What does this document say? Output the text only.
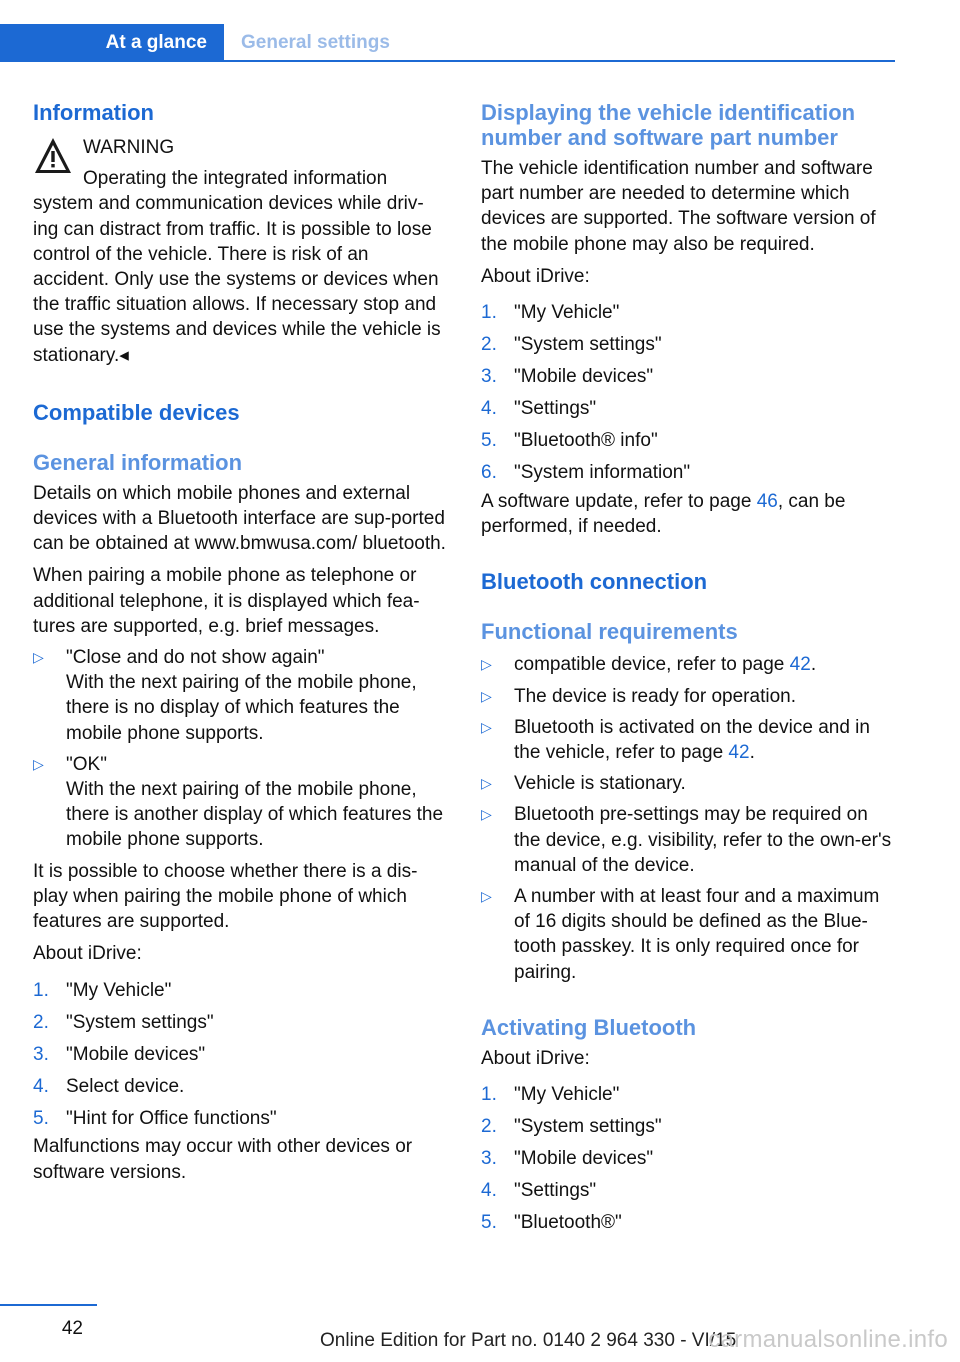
At a glance	General settings
Information

WARNING

Operating the integrated information system and communication devices while driv-ing can distract from traffic. It is possible to lose control of the vehicle. There is risk of an accident. Only use the systems or devices when the traffic situation allows. If necessary stop and use the systems and devices while the vehicle is stationary.◂

Compatible devices
General information

Details on which mobile phones and external devices with a Bluetooth interface are sup-ported can be obtained at www.bmwusa.com/ bluetooth.

When pairing a mobile phone as telephone or additional telephone, it is displayed which fea-tures are supported, e.g. brief messages.

▷	"Close and do not show again"

With the next pairing of the mobile phone, there is no display of which features the mobile phone supports.

▷	"OK"

With the next pairing of the mobile phone, there is another display of which features the mobile phone supports.

It is possible to choose whether there is a dis-play when pairing the mobile phone of which features are supported.

About iDrive:

1. "My Vehicle"
2. "System settings"
3. "Mobile devices"
4. Select device.
5. "Hint for Office functions"

Malfunctions may occur with other devices or software versions.

Displaying the vehicle identification number and software part number

The vehicle identification number and software part number are needed to determine which devices are supported. The software version of the mobile phone may also be required.

About iDrive:

1. "My Vehicle"
2. "System settings"
3. "Mobile devices"
4. "Settings"
5. "Bluetooth® info"
6. "System information"

A software update, refer to page 46, can be performed, if needed.

Bluetooth connection
Functional requirements
▷	compatible device, refer to page 42.

▷	The device is ready for operation.

▷	Bluetooth is activated on the device and in the vehicle, refer to page 42.

▷	Vehicle is stationary.

▷	Bluetooth pre-settings may be required on the device, e.g. visibility, refer to the own-er's manual of the device.

▷	A number with at least four and a maximum of 16 digits should be defined as the Blue-tooth passkey. It is only required once for pairing.

Activating Bluetooth

About iDrive:

1. "My Vehicle"
2. "System settings"
3. "Mobile devices"
4. "Settings"
5. "Bluetooth®"
42
Online Edition for Part no. 0140 2 964 330 - VI/15
carmanualsonline.info
